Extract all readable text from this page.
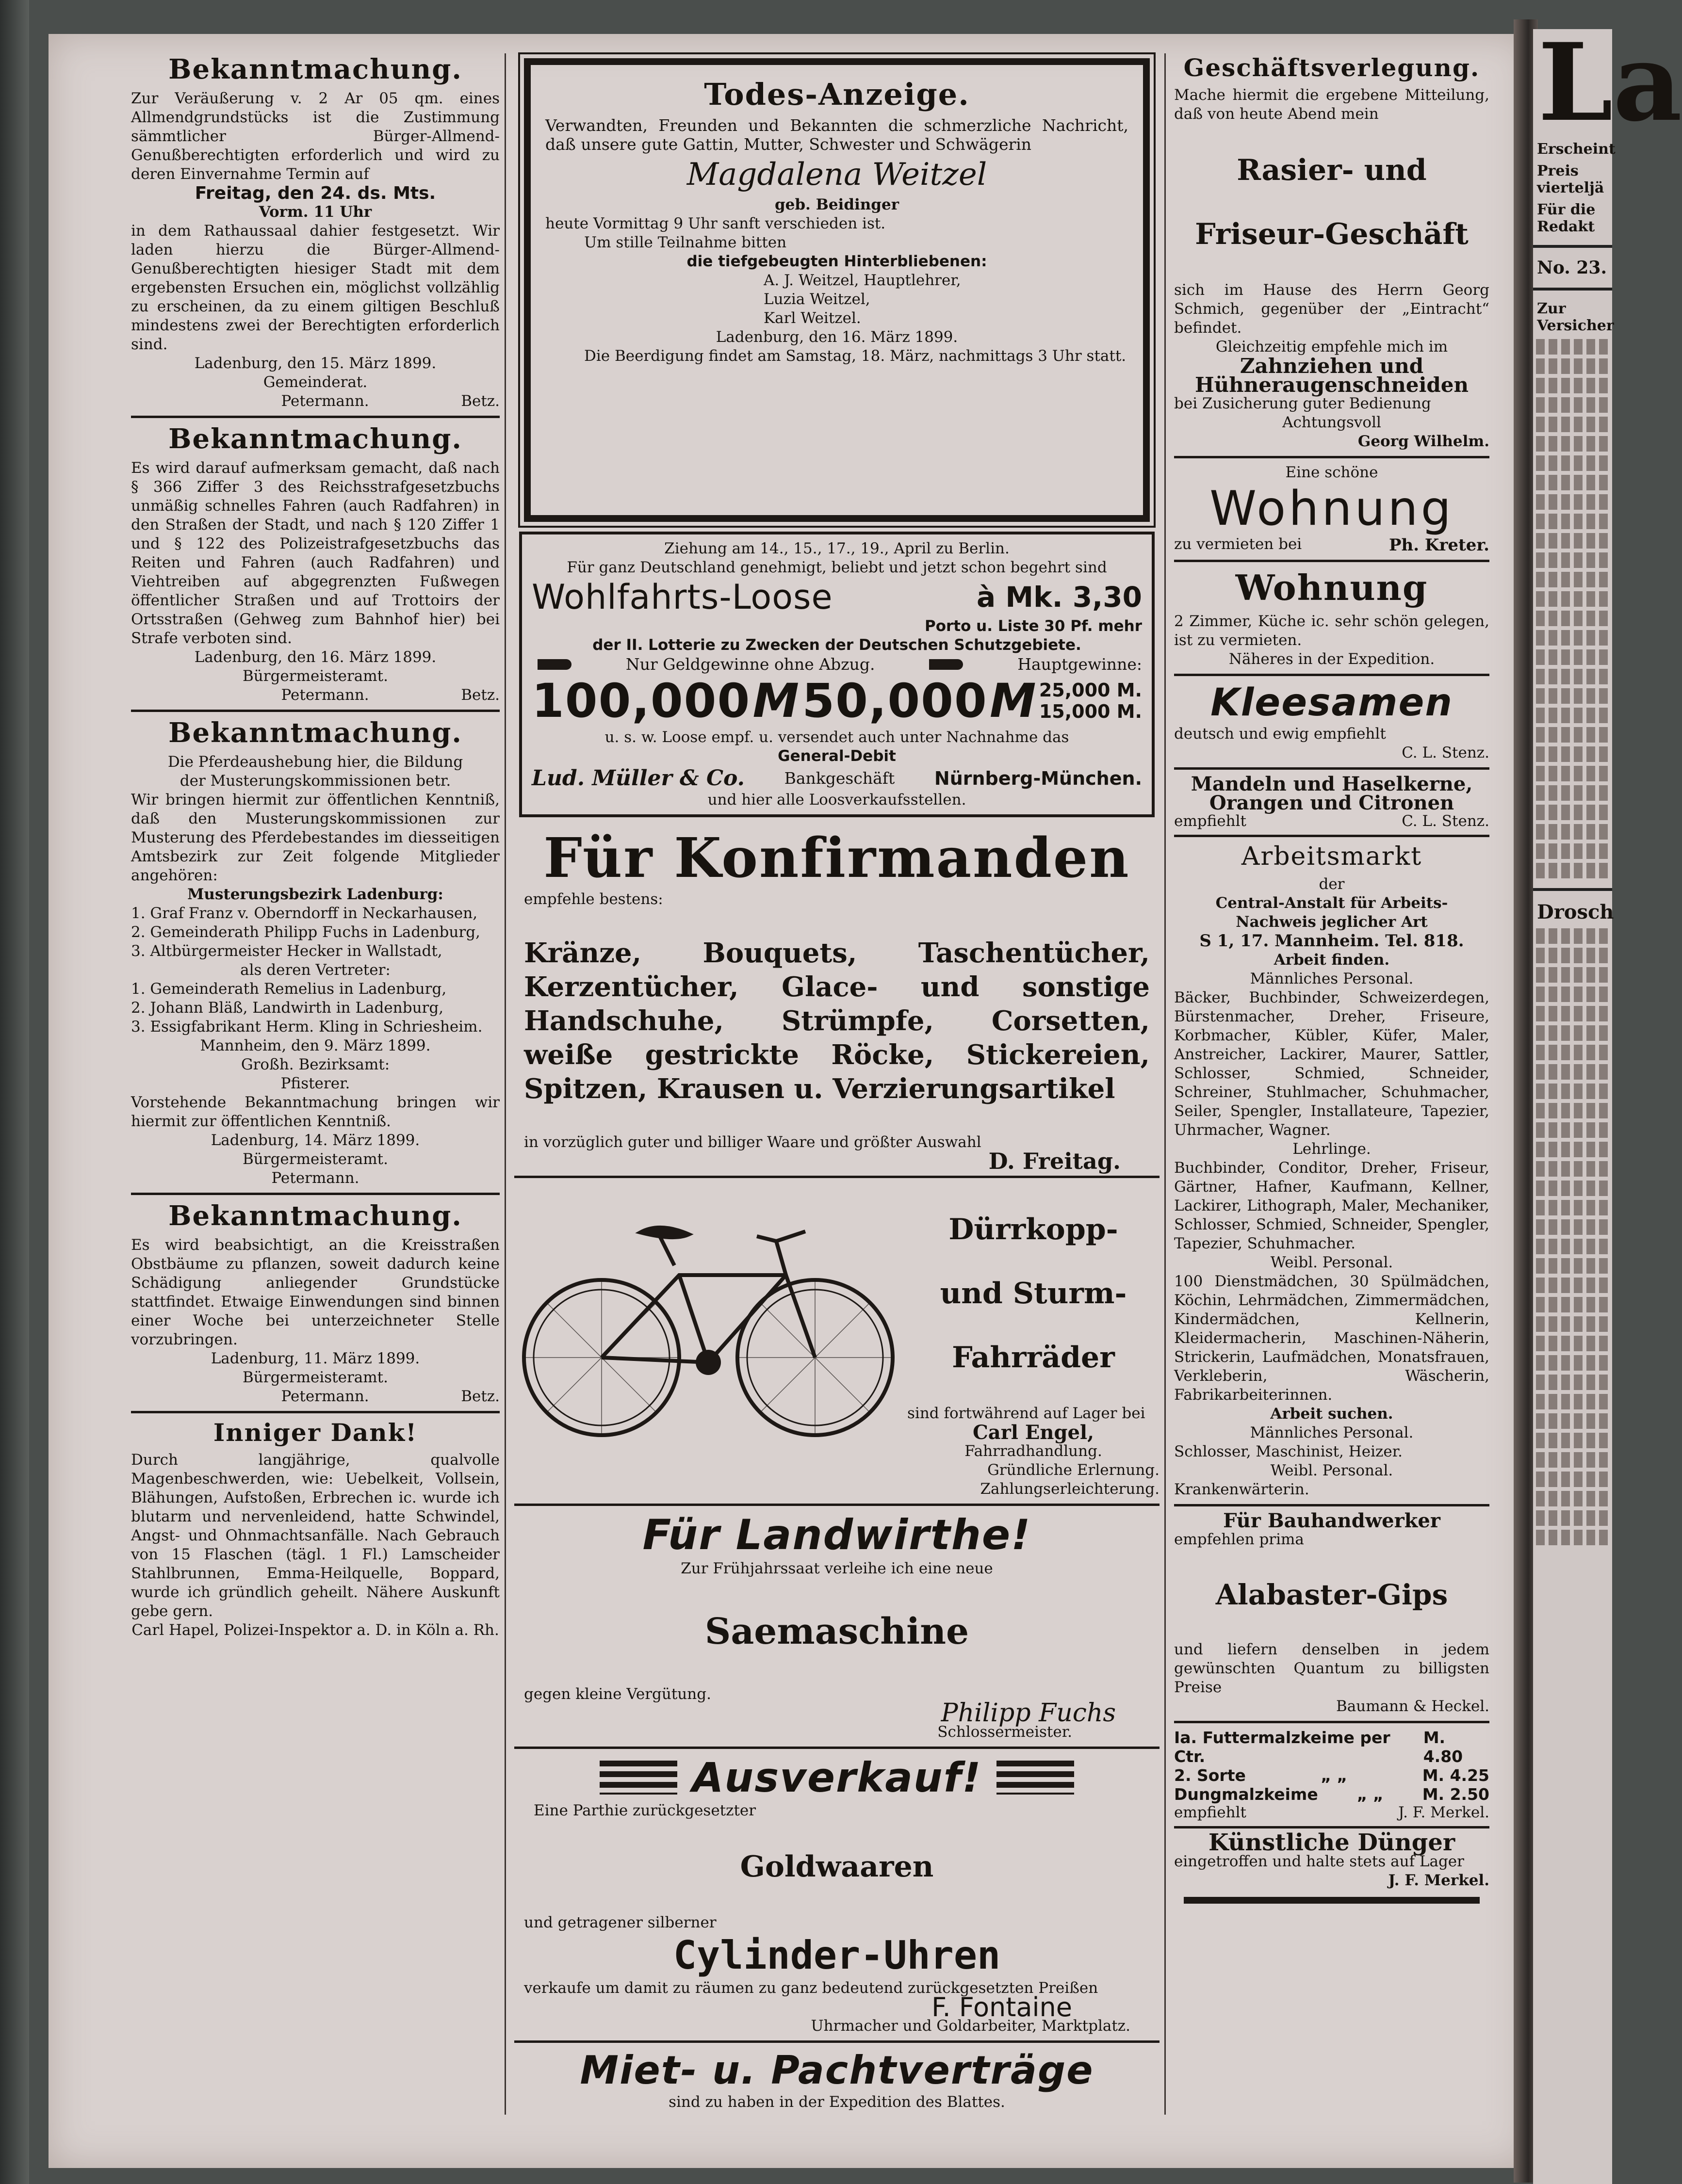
Bekanntmachung.

Zur Veräußerung v. 2 Ar 05 qm. eines Allmendgrundstücks ist die Zustimmung sämmtlicher Bürger-Allmend-Genußberechtigten erforderlich und wird zu deren Einvernahme Termin auf

Freitag, den 24. ds. Mts.

Vorm. 11 Uhr

in dem Rathaussaal dahier festgesetzt. Wir laden hierzu die Bürger-Allmend-Genußberechtigten hiesiger Stadt mit dem ergebensten Ersuchen ein, möglichst vollzählig zu erscheinen, da zu einem giltigen Beschluß mindestens zwei der Berechtigten erforderlich sind.

Ladenburg, den 15. März 1899.

Gemeinderat.

Petermann.	Betz.

Bekanntmachung.

Es wird darauf aufmerksam gemacht, daß nach § 366 Ziffer 3 des Reichsstrafgesetzbuchs unmäßig schnelles Fahren (auch Radfahren) in den Straßen der Stadt, und nach § 120 Ziffer 1 und § 122 des Polizeistrafgesetzbuchs das Reiten und Fahren (auch Radfahren) und Viehtreiben auf abgegrenzten Fußwegen öffentlicher Straßen und auf Trottoirs der Ortsstraßen (Gehweg zum Bahnhof hier) bei Strafe verboten sind.

Ladenburg, den 16. März 1899.

Bürgermeisteramt.

Petermann.	Betz.

Bekanntmachung.

Die Pferdeaushebung hier, die Bildung der Musterungskommissionen betr.

Wir bringen hiermit zur öffentlichen Kenntniß, daß den Musterungskommissionen zur Musterung des Pferdebestandes im diesseitigen Amtsbezirk zur Zeit folgende Mitglieder angehören:

Musterungsbezirk Ladenburg:

1. Graf Franz v. Oberndorff in Neckarhausen,
2. Gemeinderath Philipp Fuchs in Ladenburg,
3. Altbürgermeister Hecker in Wallstadt,

als deren Vertreter:

1. Gemeinderath Remelius in Ladenburg,
2. Johann Bläß, Landwirth in Ladenburg,
3. Essigfabrikant Herm. Kling in Schriesheim.

Mannheim, den 9. März 1899.

Großh. Bezirksamt:

Pfisterer.

Vorstehende Bekanntmachung bringen wir hiermit zur öffentlichen Kenntniß.

Ladenburg, 14. März 1899.

Bürgermeisteramt.

Petermann.

Bekanntmachung.

Es wird beabsichtigt, an die Kreisstraßen Obstbäume zu pflanzen, soweit dadurch keine Schädigung anliegender Grundstücke stattfindet. Etwaige Einwendungen sind binnen einer Woche bei unterzeichneter Stelle vorzubringen.

Ladenburg, 11. März 1899.

Bürgermeisteramt.

Petermann.	Betz.

Inniger Dank!

Durch langjährige, qualvolle Magenbeschwerden, wie: Uebelkeit, Vollsein, Blähungen, Aufstoßen, Erbrechen ic. wurde ich blutarm und nervenleidend, hatte Schwindel, Angst- und Ohnmachtsanfälle. Nach Gebrauch von 15 Flaschen (tägl. 1 Fl.) Lamscheider Stahlbrunnen, Emma-Heilquelle, Boppard, wurde ich gründlich geheilt. Nähere Auskunft gebe gern.

Carl Hapel, Polizei-Inspektor a. D. in Köln a. Rh.

Todes-Anzeige.

Verwandten, Freunden und Bekannten die schmerzliche Nachricht, daß unsere gute Gattin, Mutter, Schwester und Schwägerin

Magdalena Weitzel

geb. Beidinger

heute Vormittag 9 Uhr sanft verschieden ist.

Um stille Teilnahme bitten

die tiefgebeugten Hinterbliebenen:

A. J. Weitzel, Hauptlehrer,
Luzia Weitzel,
Karl Weitzel.

Ladenburg, den 16. März 1899.

Die Beerdigung findet am Samstag, 18. März, nachmittags 3 Uhr statt.

Ziehung am 14., 15., 17., 19., April zu Berlin.

Für ganz Deutschland genehmigt, beliebt und jetzt schon begehrt sind

Wohlfahrts-Loose	à Mk. 3,30

Porto u. Liste 30 Pf. mehr

der II. Lotterie zu Zwecken der Deutschen Schutzgebiete.

Nur Geldgewinne ohne Abzug.	Hauptgewinne:
100,000 M 50,000 M 25,000 M.
15,000 M.

u. s. w. Loose empf. u. versendet auch unter Nachnahme das

General-Debit

Lud. Müller & Co. Bankgeschäft Nürnberg-München.

und hier alle Loosverkaufsstellen.

Für Konfirmanden

empfehle bestens:

Kränze, Bouquets, Taschentücher, Kerzentücher, Glace- und sonstige Handschuhe, Strümpfe, Corsetten, weiße gestrickte Röcke, Stickereien, Spitzen, Krausen u. Verzierungsartikel

in vorzüglich guter und billiger Waare und größter Auswahl

D. Freitag.

Dürrkopp-

und Sturm-

Fahrräder

sind fortwährend auf Lager bei

Carl Engel,

Fahrradhandlung.

Gründliche Erlernung.

Zahlungserleichterung.

Für Landwirthe!

Zur Frühjahrssaat verleihe ich eine neue

Saemaschine

gegen kleine Vergütung.

Philipp Fuchs

Schlossermeister.

Ausverkauf!

Eine Parthie zurückgesetzter

Goldwaaren

und getragener silberner

Cylinder-Uhren

verkaufe um damit zu räumen zu ganz bedeutend zurückgesetzten Preißen

F. Fontaine

Uhrmacher und Goldarbeiter, Marktplatz.

Miet- u. Pachtverträge

sind zu haben in der Expedition des Blattes.

Geschäftsverlegung.

Mache hiermit die ergebene Mitteilung, daß von heute Abend mein

Rasier- und

Friseur-Geschäft

sich im Hause des Herrn Georg Schmich, gegenüber der „Eintracht“ befindet.

Gleichzeitig empfehle mich im

Zahnziehen und

Hühneraugenschneiden

bei Zusicherung guter Bedienung

Achtungsvoll

Georg Wilhelm.

Eine schöne

Wohnung
zu vermieten bei	Ph. Kreter.
Wohnung

2 Zimmer, Küche ic. sehr schön gelegen, ist zu vermieten.

Näheres in der Expedition.

Kleesamen

deutsch und ewig empfiehlt

C. L. Stenz.

Mandeln und Haselkerne,

Orangen und Citronen

empfiehlt	C. L. Stenz.
Arbeitsmarkt

der

Central-Anstalt für Arbeits-

Nachweis jeglicher Art

S 1, 17. Mannheim. Tel. 818.

Arbeit finden.

Männliches Personal.

Bäcker, Buchbinder, Schweizerdegen, Bürstenmacher, Dreher, Friseure, Korbmacher, Kübler, Küfer, Maler, Anstreicher, Lackirer, Maurer, Sattler, Schlosser, Schmied, Schneider, Schreiner, Stuhlmacher, Schuhmacher, Seiler, Spengler, Installateure, Tapezier, Uhrmacher, Wagner.

Lehrlinge.

Buchbinder, Conditor, Dreher, Friseur, Gärtner, Hafner, Kaufmann, Kellner, Lackirer, Lithograph, Maler, Mechaniker, Schlosser, Schmied, Schneider, Spengler, Tapezier, Schuhmacher.

Weibl. Personal.

100 Dienstmädchen, 30 Spülmädchen, Köchin, Lehrmädchen, Zimmermädchen, Kindermädchen, Kellnerin, Kleidermacherin, Maschinen-Näherin, Strickerin, Laufmädchen, Monatsfrauen, Verkleberin, Wäscherin, Fabrikarbeiterinnen.

Arbeit suchen.

Männliches Personal.

Schlosser, Maschinist, Heizer.

Weibl. Personal.

Krankenwärterin.

Für Bauhandwerker

empfehlen prima

Alabaster-Gips

und liefern denselben in jedem gewünschten Quantum zu billigsten Preise

Baumann & Heckel.

Ia. Futtermalzkeime per Ctr.
M. 4.80
2. Sorte	„ „	M. 4.25
Dungmalzkeime „ „ M. 2.50
empfiehlt	J. F. Merkel.

Künstliche Dünger

eingetroffen und halte stets auf Lager

J. F. Merkel.

La
Erscheint
Preis vierteljä
Für die Redakt
No. 23.
Zur Versicher
Drosch
